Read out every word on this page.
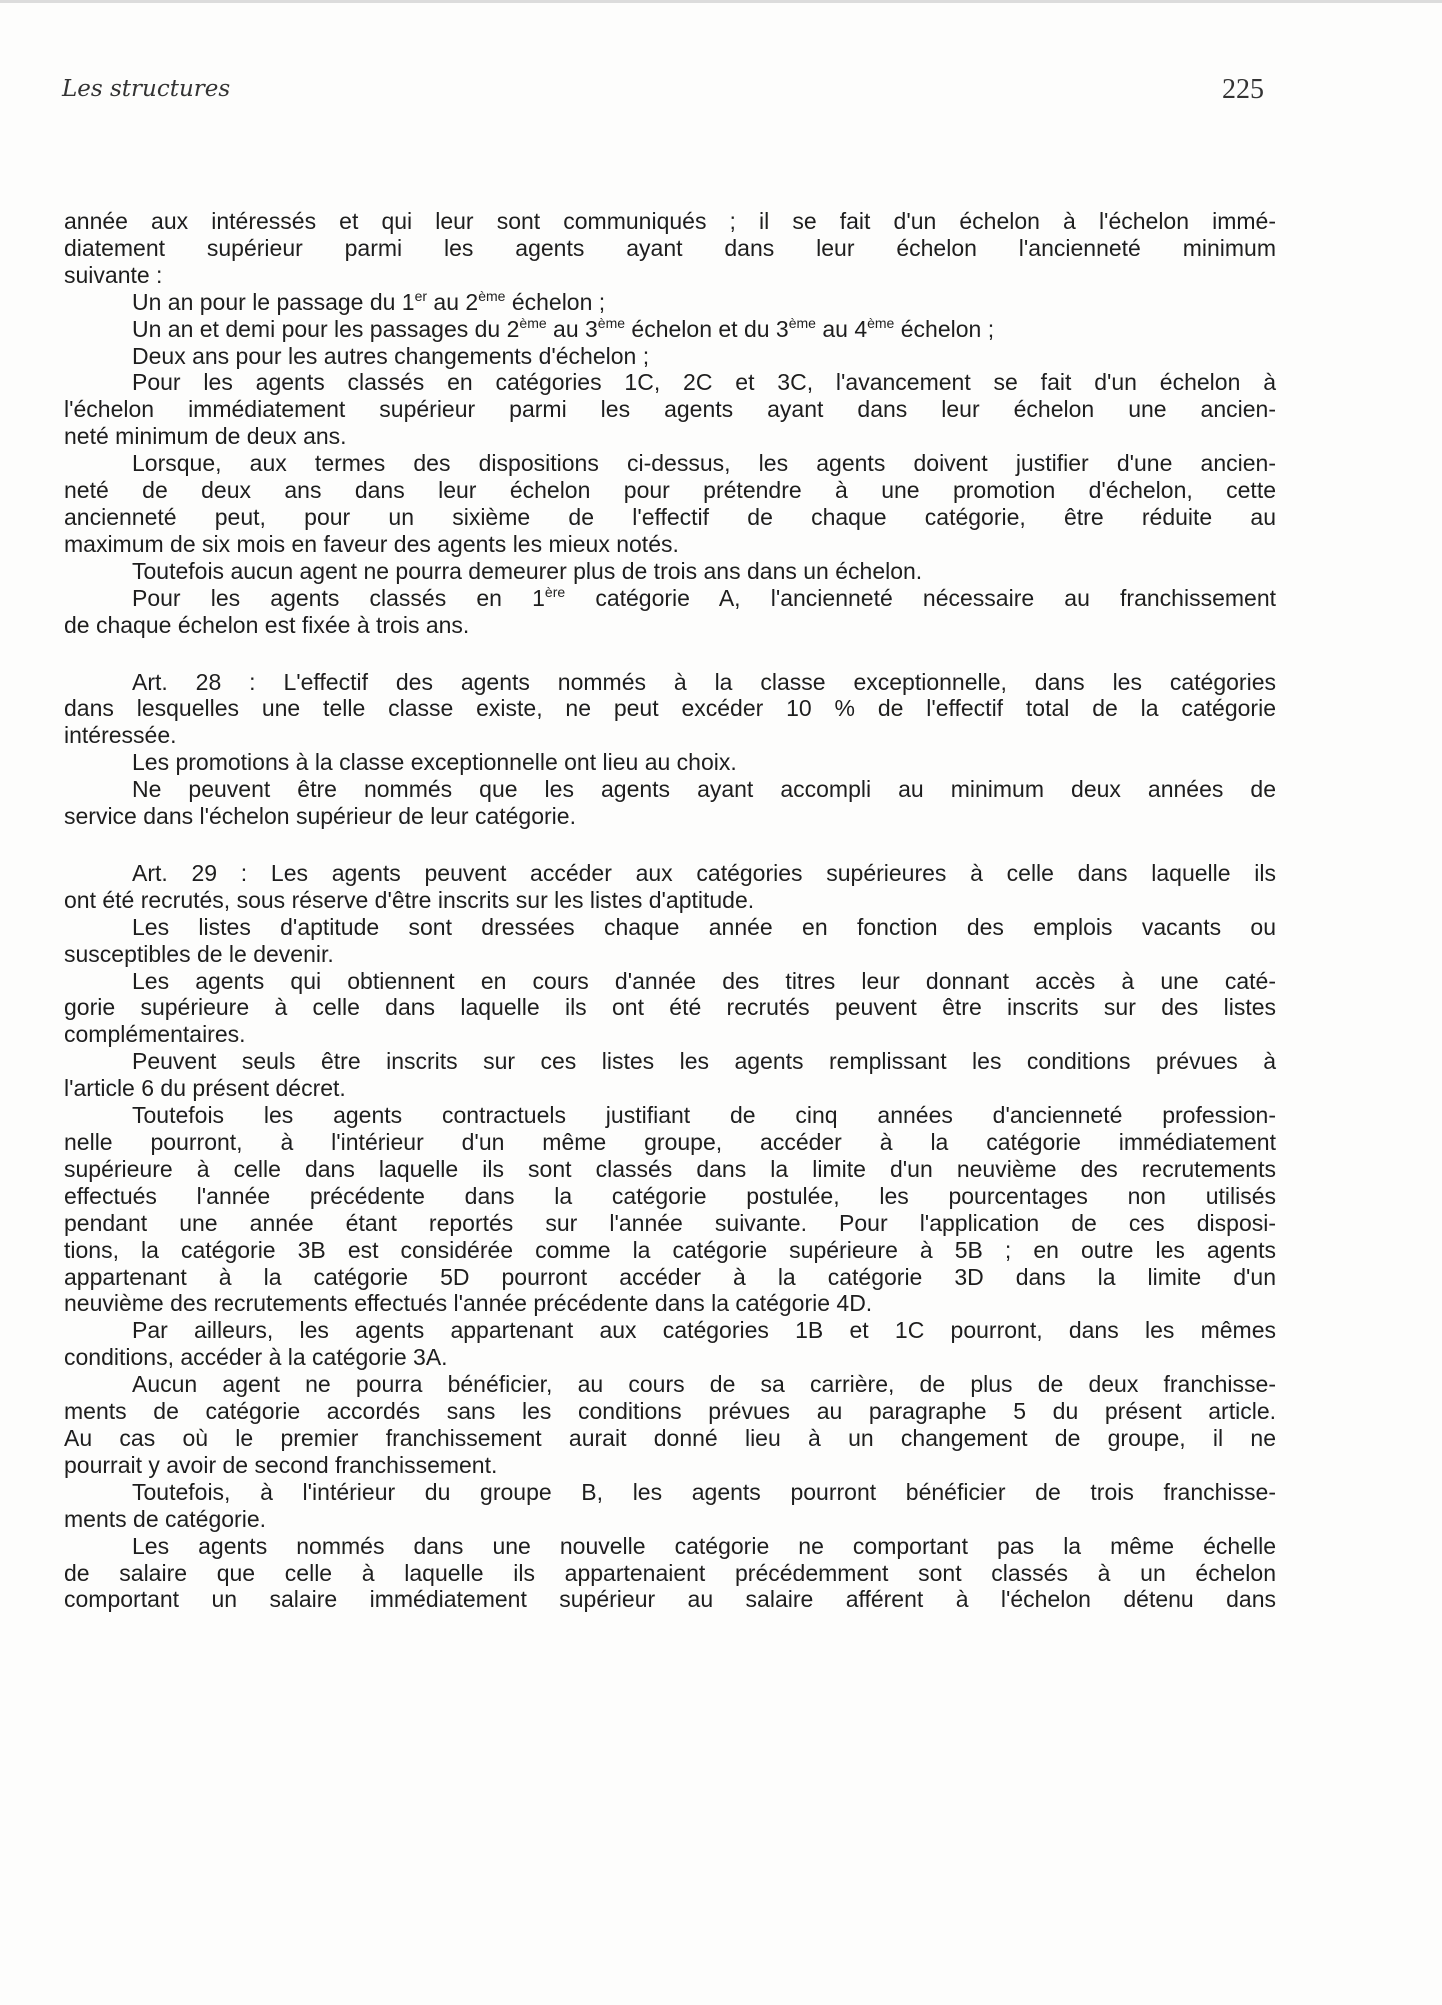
Les structures	225
année aux intéressés et qui leur sont communiqués ; il se fait d'un échelon à l'échelon immé-
diatement supérieur parmi les agents ayant dans leur échelon l'ancienneté minimum
suivante :
Un an pour le passage du 1er au 2ème échelon ;
Un an et demi pour les passages du 2ème au 3ème échelon et du 3ème au 4ème échelon ;
Deux ans pour les autres changements d'échelon ;
Pour les agents classés en catégories 1C, 2C et 3C, l'avancement se fait d'un échelon à
l'échelon immédiatement supérieur parmi les agents ayant dans leur échelon une ancien-
neté minimum de deux ans.
Lorsque, aux termes des dispositions ci-dessus, les agents doivent justifier d'une ancien-
neté de deux ans dans leur échelon pour prétendre à une promotion d'échelon, cette
ancienneté peut, pour un sixième de l'effectif de chaque catégorie, être réduite au
maximum de six mois en faveur des agents les mieux notés.
Toutefois aucun agent ne pourra demeurer plus de trois ans dans un échelon.
Pour les agents classés en 1ère catégorie A, l'ancienneté nécessaire au franchissement
de chaque échelon est fixée à trois ans.
Art. 28 : L'effectif des agents nommés à la classe exceptionnelle, dans les catégories
dans lesquelles une telle classe existe, ne peut excéder 10 % de l'effectif total de la catégorie
intéressée.
Les promotions à la classe exceptionnelle ont lieu au choix.
Ne peuvent être nommés que les agents ayant accompli au minimum deux années de
service dans l'échelon supérieur de leur catégorie.
Art. 29 : Les agents peuvent accéder aux catégories supérieures à celle dans laquelle ils
ont été recrutés, sous réserve d'être inscrits sur les listes d'aptitude.
Les listes d'aptitude sont dressées chaque année en fonction des emplois vacants ou
susceptibles de le devenir.
Les agents qui obtiennent en cours d'année des titres leur donnant accès à une caté-
gorie supérieure à celle dans laquelle ils ont été recrutés peuvent être inscrits sur des listes
complémentaires.
Peuvent seuls être inscrits sur ces listes les agents remplissant les conditions prévues à
l'article 6 du présent décret.
Toutefois les agents contractuels justifiant de cinq années d'ancienneté profession-
nelle pourront, à l'intérieur d'un même groupe, accéder à la catégorie immédiatement
supérieure à celle dans laquelle ils sont classés dans la limite d'un neuvième des recrutements
effectués l'année précédente dans la catégorie postulée, les pourcentages non utilisés
pendant une année étant reportés sur l'année suivante. Pour l'application de ces disposi-
tions, la catégorie 3B est considérée comme la catégorie supérieure à 5B ; en outre les agents
appartenant à la catégorie 5D pourront accéder à la catégorie 3D dans la limite d'un
neuvième des recrutements effectués l'année précédente dans la catégorie 4D.
Par ailleurs, les agents appartenant aux catégories 1B et 1C pourront, dans les mêmes
conditions, accéder à la catégorie 3A.
Aucun agent ne pourra bénéficier, au cours de sa carrière, de plus de deux franchisse-
ments de catégorie accordés sans les conditions prévues au paragraphe 5 du présent article.
Au cas où le premier franchissement aurait donné lieu à un changement de groupe, il ne
pourrait y avoir de second franchissement.
Toutefois, à l'intérieur du groupe B, les agents pourront bénéficier de trois franchisse-
ments de catégorie.
Les agents nommés dans une nouvelle catégorie ne comportant pas la même échelle
de salaire que celle à laquelle ils appartenaient précédemment sont classés à un échelon
comportant un salaire immédiatement supérieur au salaire afférent à l'échelon détenu dans
